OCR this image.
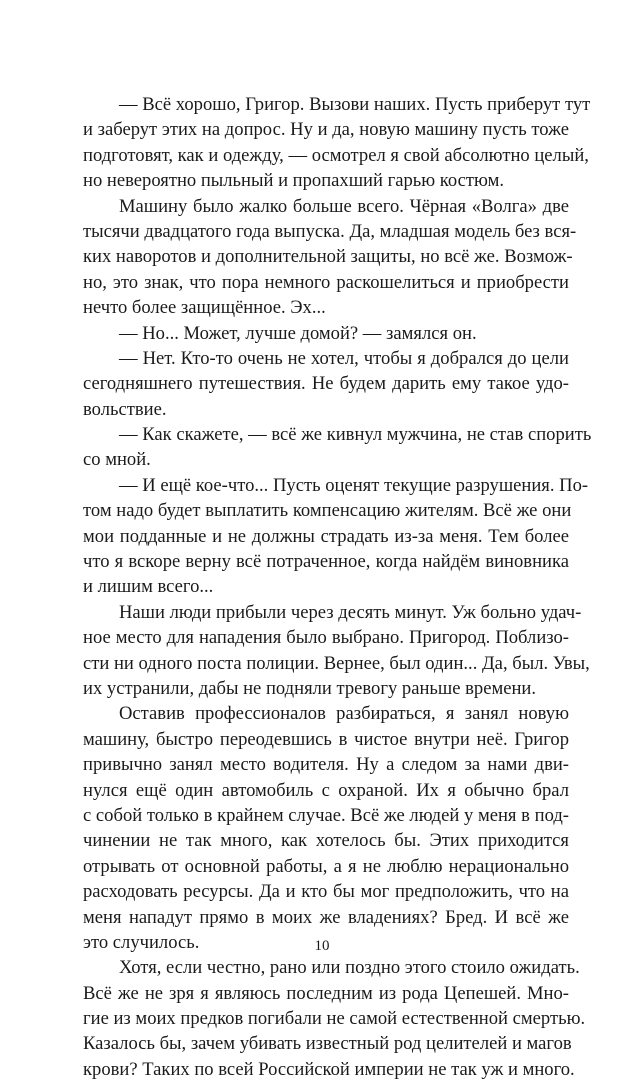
— Всё хорошо, Григор. Вызови наших. Пусть приберут тут
и заберут этих на допрос. Ну и да, новую машину пусть тоже
подготовят, как и одежду, — осмотрел я свой абсолютно целый,
но невероятно пыльный и пропахший гарью костюм.
Машину было жалко больше всего. Чёрная «Волга» две
тысячи двадцатого года выпуска. Да, младшая модель без вся-
ких наворотов и дополнительной защиты, но всё же. Возмож-
но, это знак, что пора немного раскошелиться и приобрести
нечто более защищённое. Эх...
— Но... Может, лучше домой? — замялся он.
— Нет. Кто-то очень не хотел, чтобы я добрался до цели
сегодняшнего путешествия. Не будем дарить ему такое удо-
вольствие.
— Как скажете, — всё же кивнул мужчина, не став спорить
со мной.
— И ещё кое-что... Пусть оценят текущие разрушения. По-
том надо будет выплатить компенсацию жителям. Всё же они
мои подданные и не должны страдать из-за меня. Тем более
что я вскоре верну всё потраченное, когда найдём виновника
и лишим всего...
Наши люди прибыли через десять минут. Уж больно удач-
ное место для нападения было выбрано. Пригород. Поблизо-
сти ни одного поста полиции. Вернее, был один... Да, был. Увы,
их устранили, дабы не подняли тревогу раньше времени.
Оставив профессионалов разбираться, я занял новую
машину, быстро переодевшись в чистое внутри неё. Григор
привычно занял место водителя. Ну а следом за нами дви-
нулся ещё один автомобиль с охраной. Их я обычно брал
с собой только в крайнем случае. Всё же людей у меня в под-
чинении не так много, как хотелось бы. Этих приходится
отрывать от основной работы, а я не люблю нерационально
расходовать ресурсы. Да и кто бы мог предположить, что на
меня нападут прямо в моих же владениях? Бред. И всё же
это случилось.
Хотя, если честно, рано или поздно этого стоило ожидать.
Всё же не зря я являюсь последним из рода Цепешей. Мно-
гие из моих предков погибали не самой естественной смертью.
Казалось бы, зачем убивать известный род целителей и магов
крови? Таких по всей Российской империи не так уж и много.
10
